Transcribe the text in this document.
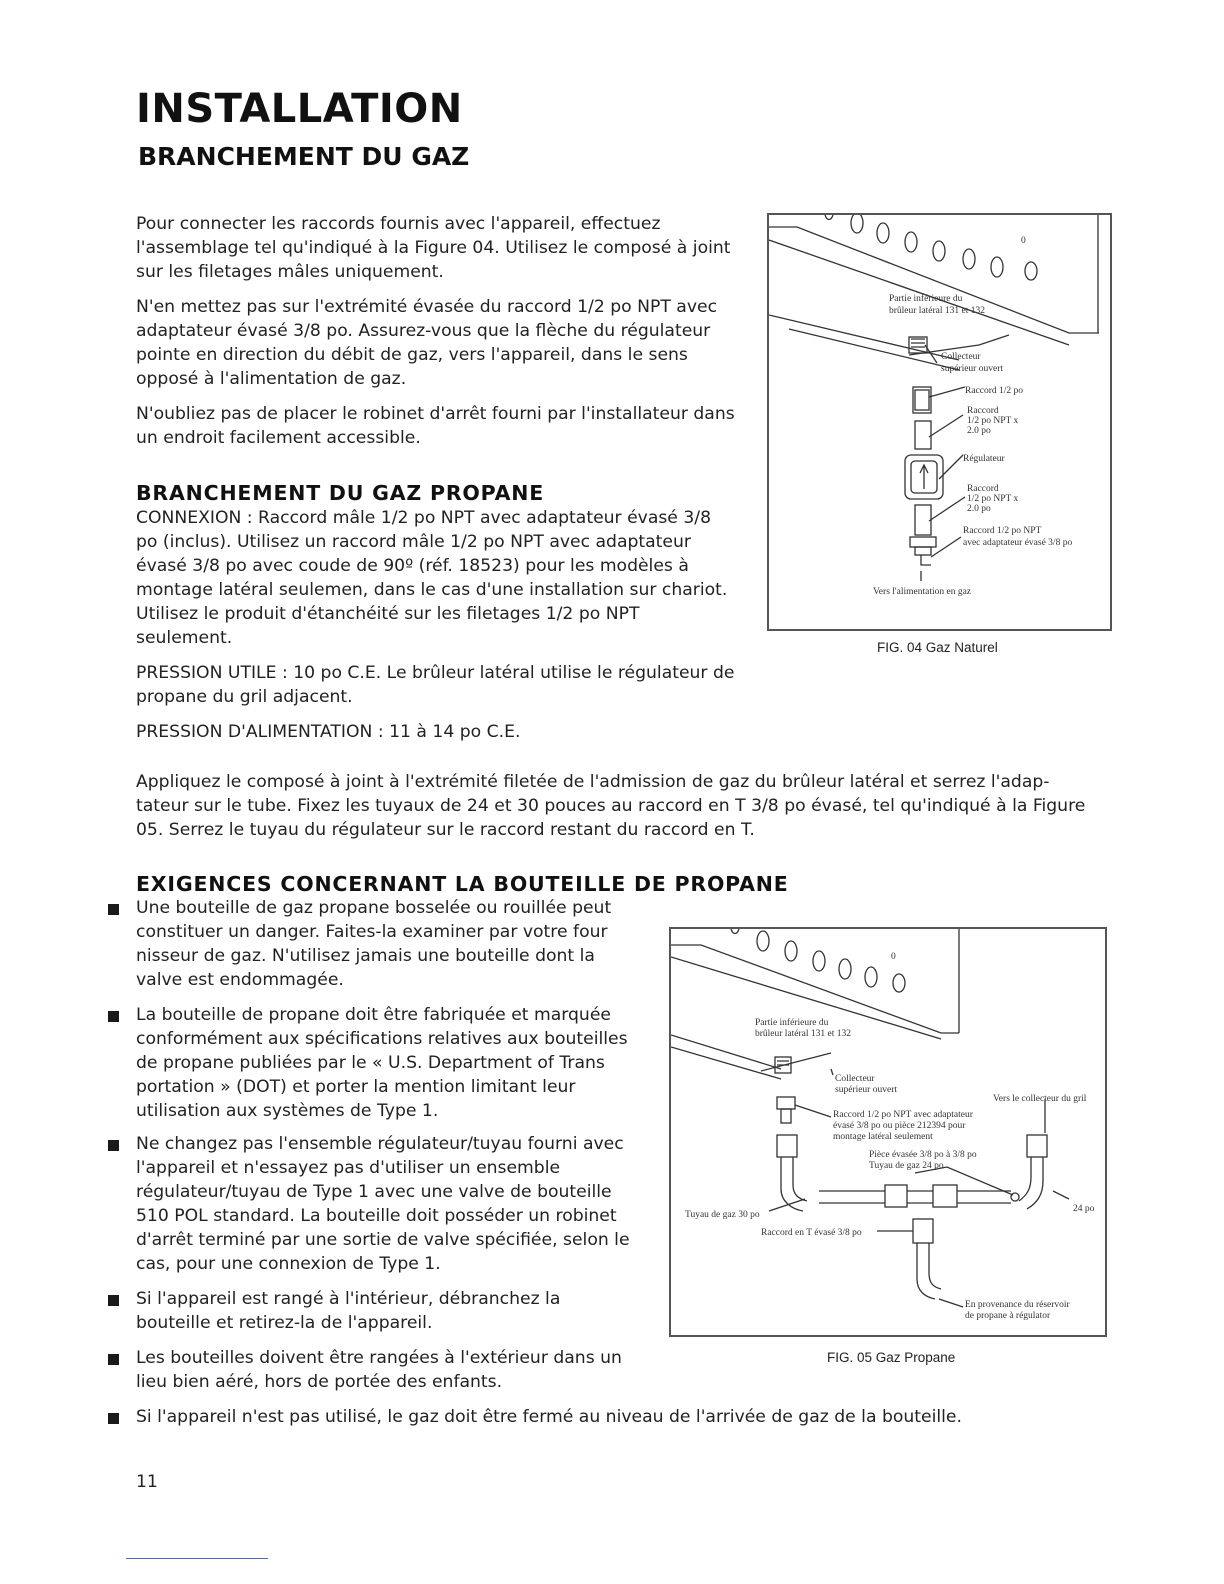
INSTALLATION
BRANCHEMENT DU GAZ

Pour connecter les raccords fournis avec l'appareil, effectuez l'assemblage tel qu'indiqué à la Figure 04. Utilisez le composé à joint sur les filetages mâles uniquement.

N'en mettez pas sur l'extrémité évasée du raccord 1/2 po NPT avec adaptateur évasé 3/8 po. Assurez-vous que la flèche du régulateur pointe en direction du débit de gaz, vers l'appareil, dans le sens opposé à l'alimentation de gaz.

N'oubliez pas de placer le robinet d'arrêt fourni par l'installateur dans un endroit facilement accessible.

BRANCHEMENT DU GAZ PROPANE

CONNEXION : Raccord mâle 1/2 po NPT avec adaptateur évasé 3/8 po (inclus). Utilisez un raccord mâle 1/2 po NPT avec adaptateur évasé 3/8 po avec coude de 90º (réf. 18523) pour les modèles à montage latéral seulemen, dans le cas d'une installation sur chariot. Utilisez le produit d'étanchéité sur les filetages 1/2 po NPT seulement.

PRESSION UTILE : 10 po C.E. Le brûleur latéral utilise le régulateur de propane du gril adjacent.

PRESSION D'ALIMENTATION : 11 à 14 po C.E.

Appliquez le composé à joint à l'extrémité filetée de l'admission de gaz du brûleur latéral et serrez l'adap-tateur sur le tube. Fixez les tuyaux de 24 et 30 pouces au raccord en T 3/8 po évasé, tel qu'indiqué à la Figure 05. Serrez le tuyau du régulateur sur le raccord restant du raccord en T.
0
Partie inférieure du
brûleur latéral 131 et 132
Collecteur
supérieur ouvert
Raccord 1/2 po
Raccord
1/2 po NPT x
2.0 po
Régulateur
Raccord
1/2 po NPT x
2.0 po
Raccord 1/2 po NPT
avec adaptateur évasé 3/8 po
Vers l'alimentation en gaz
FIG. 04 Gaz Naturel
EXIGENCES CONCERNANT LA BOUTEILLE DE PROPANE
Une bouteille de gaz propane bosselée ou rouillée peut constituer un danger. Faites-la examiner par votre four nisseur de gaz. N'utilisez jamais une bouteille dont la valve est endommagée.
La bouteille de propane doit être fabriquée et marquée conformément aux spécifications relatives aux bouteilles de propane publiées par le « U.S. Department of Trans portation » (DOT) et porter la mention limitant leur utilisation aux systèmes de Type 1.
Ne changez pas l'ensemble régulateur/tuyau fourni avec l'appareil et n'essayez pas d'utiliser un ensemble régulateur/tuyau de Type 1 avec une valve de bouteille 510 POL standard. La bouteille doit posséder un robinet d'arrêt terminé par une sortie de valve spécifiée, selon le cas, pour une connexion de Type 1.
Si l'appareil est rangé à l'intérieur, débranchez la bouteille et retirez-la de l'appareil.
Les bouteilles doivent être rangées à l'extérieur dans un lieu bien aéré, hors de portée des enfants.
Si l'appareil n'est pas utilisé, le gaz doit être fermé au niveau de l'arrivée de gaz de la bouteille.
0
Partie inférieure du
brûleur latéral 131 et 132
Collecteur
supérieur ouvert
Vers le collecteur du gril
Raccord 1/2 po NPT avec adaptateur
évasé 3/8 po ou pièce 212394 pour
montage latéral seulement
Pièce évasée 3/8 po à 3/8 po
Tuyau de gaz 24 po
Tuyau de gaz 30 po
24 po
Raccord en T évasé 3/8 po
En provenance du réservoir
de propane à régulator
FIG. 05 Gaz Propane
11
